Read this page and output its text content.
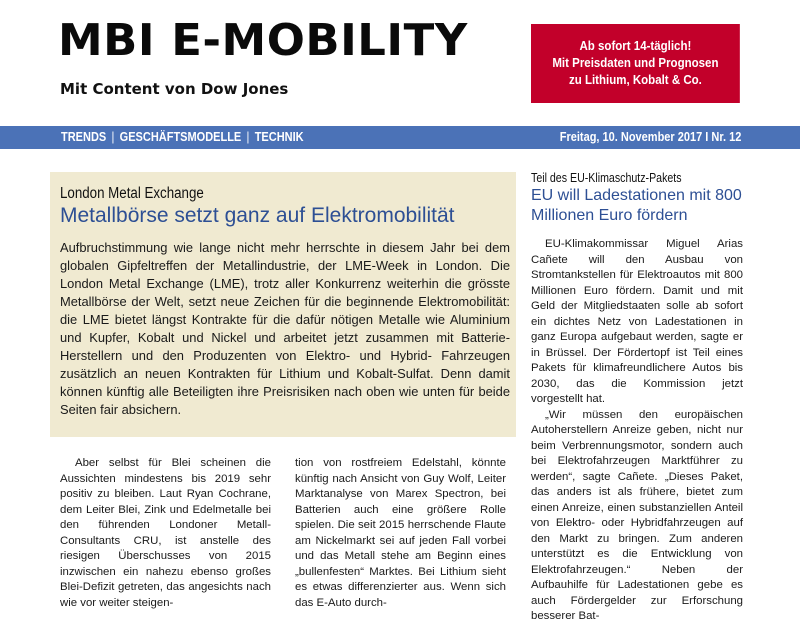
MBI E-MOBILITY
Mit Content von Dow Jones
Ab sofort 14-täglich!
Mit Preisdaten und Prognosen
zu Lithium, Kobalt & Co.
TRENDS | GESCHÄFTSMODELLE | TECHNIK	Freitag, 10. November 2017 I Nr. 12
London Metal Exchange
Metallbörse setzt ganz auf Elektromobilität
Aufbruchstimmung wie lange nicht mehr herrschte in diesem Jahr bei dem globalen Gipfeltreffen der Metallindustrie, der LME-Week in London. Die London Metal Exchange (LME), trotz aller Konkurrenz weiterhin die grösste Metallbörse der Welt, setzt neue Zeichen für die beginnende Elektromobilität: die LME bietet längst Kontrakte für die dafür nötigen Metalle wie Aluminium und Kupfer, Kobalt und Nickel und arbeitet jetzt zusammen mit Batterie-Herstellern und den Produzenten von Elektro- und Hybrid- Fahrzeugen zusätzlich an neuen Kontrakten für Lithium und Kobalt-Sulfat. Denn damit können künftig alle Beteiligten ihre Preisrisiken nach oben wie unten für beide Seiten fair absichern.

Aber selbst für Blei scheinen die Aussichten mindestens bis 2019 sehr positiv zu bleiben. Laut Ryan Cochrane, dem Leiter Blei, Zink und Edelmetalle bei den führenden Londoner Metall-Consultants CRU, ist anstelle des riesigen Überschusses von 2015 inzwischen ein nahezu ebenso großes Blei-Defizit getreten, das angesichts nach wie vor weiter steigen-

tion von rostfreiem Edelstahl, könnte künftig nach Ansicht von Guy Wolf, Leiter Marktanalyse von Marex Spectron, bei Batterien auch eine größere Rolle spielen. Die seit 2015 herrschende Flaute am Nickelmarkt sei auf jeden Fall vorbei und das Metall stehe am Beginn eines „bullenfesten“ Marktes. Bei Lithium sieht es etwas differenzierter aus. Wenn sich das E-Auto durch-

Teil des EU-Klimaschutz-Pakets
EU will Ladestationen mit 800 Millionen Euro fördern

EU-Klimakommissar Miguel Arias Cañete will den Ausbau von Stromtankstellen für Elektroautos mit 800 Millionen Euro fördern. Damit und mit Geld der Mitgliedstaaten solle ab sofort ein dichtes Netz von Ladestationen in ganz Europa aufgebaut werden, sagte er in Brüssel. Der Fördertopf ist Teil eines Pakets für klimafreundlichere Autos bis 2030, das die Kommission jetzt vorgestellt hat.

„Wir müssen den europäischen Autoherstellern Anreize geben, nicht nur beim Verbrennungsmotor, sondern auch bei Elektrofahrzeugen Marktführer zu werden“, sagte Cañete. „Dieses Paket, das anders ist als frühere, bietet zum einen Anreize, einen substanziellen Anteil von Elektro- oder Hybridfahrzeugen auf den Markt zu bringen. Zum anderen unterstützt es die Entwicklung von Elektrofahrzeugen.“ Neben der Aufbauhilfe für Ladestationen gebe es auch Fördergelder zur Erforschung besserer Bat-
